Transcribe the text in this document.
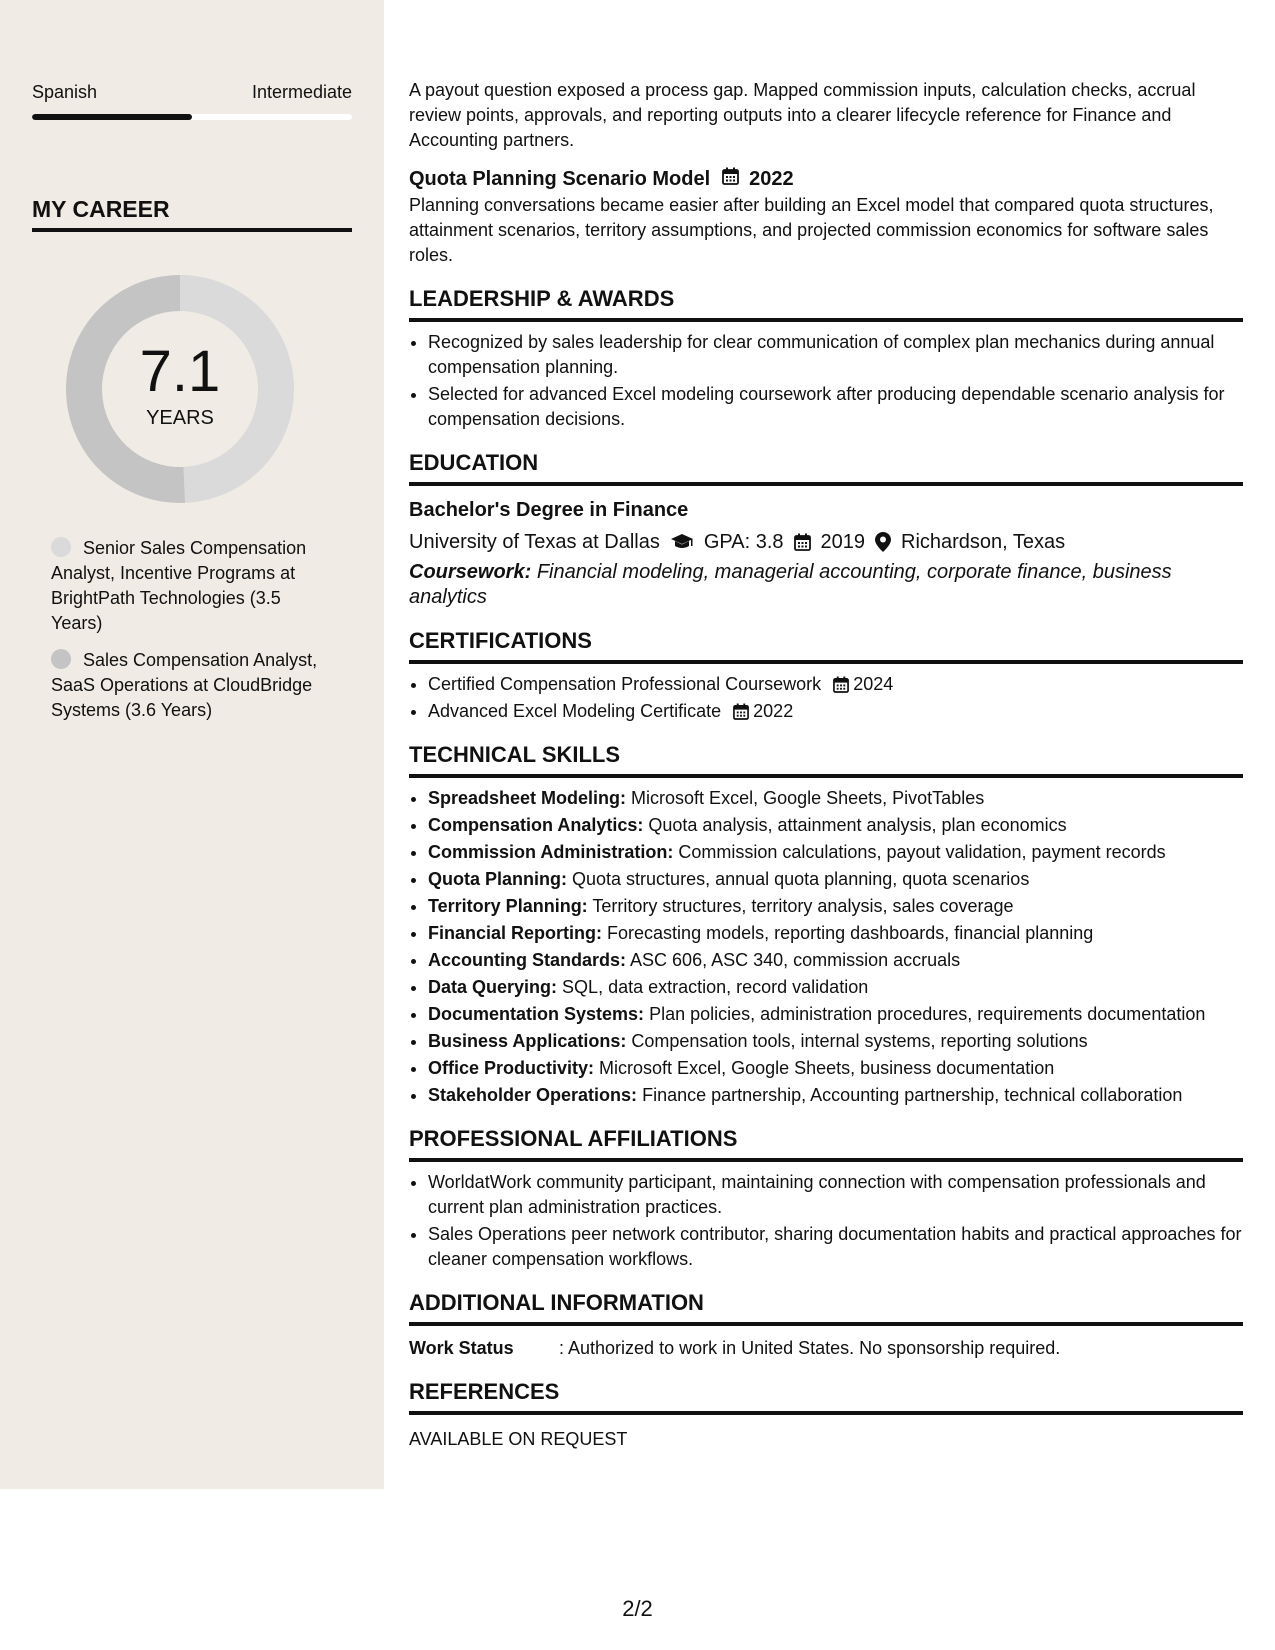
Spanish	Intermediate
MY CAREER
7.1
YEARS
Senior Sales Compensation Analyst, Incentive Programs at BrightPath Technologies (3.5 Years)
Sales Compensation Analyst, SaaS Operations at CloudBridge Systems (3.6 Years)

A payout question exposed a process gap. Mapped commission inputs, calculation checks, accrual review points, approvals, and reporting outputs into a clearer lifecycle reference for Finance and Accounting partners.

Quota Planning Scenario Model 2022

Planning conversations became easier after building an Excel model that compared quota structures, attainment scenarios, territory assumptions, and projected commission economics for software sales roles.

LEADERSHIP & AWARDS
• Recognized by sales leadership for clear communication of complex plan mechanics during annual compensation planning.
• Selected for advanced Excel modeling coursework after producing dependable scenario analysis for compensation decisions.
EDUCATION
Bachelor's Degree in Finance
University of Texas at Dallas GPA: 3.8 2019 Richardson, Texas
Coursework: Financial modeling, managerial accounting, corporate finance, business analytics
CERTIFICATIONS
• Certified Compensation Professional Coursework 2024
• Advanced Excel Modeling Certificate 2022
TECHNICAL SKILLS
• Spreadsheet Modeling: Microsoft Excel, Google Sheets, PivotTables
• Compensation Analytics: Quota analysis, attainment analysis, plan economics
• Commission Administration: Commission calculations, payout validation, payment records
• Quota Planning: Quota structures, annual quota planning, quota scenarios
• Territory Planning: Territory structures, territory analysis, sales coverage
• Financial Reporting: Forecasting models, reporting dashboards, financial planning
• Accounting Standards: ASC 606, ASC 340, commission accruals
• Data Querying: SQL, data extraction, record validation
• Documentation Systems: Plan policies, administration procedures, requirements documentation
• Business Applications: Compensation tools, internal systems, reporting solutions
• Office Productivity: Microsoft Excel, Google Sheets, business documentation
• Stakeholder Operations: Finance partnership, Accounting partnership, technical collaboration
PROFESSIONAL AFFILIATIONS
• WorldatWork community participant, maintaining connection with compensation professionals and current plan administration practices.
• Sales Operations peer network contributor, sharing documentation habits and practical approaches for cleaner compensation workflows.
ADDITIONAL INFORMATION
Work Status	: Authorized to work in United States. No sponsorship required.
REFERENCES
AVAILABLE ON REQUEST
2/2
